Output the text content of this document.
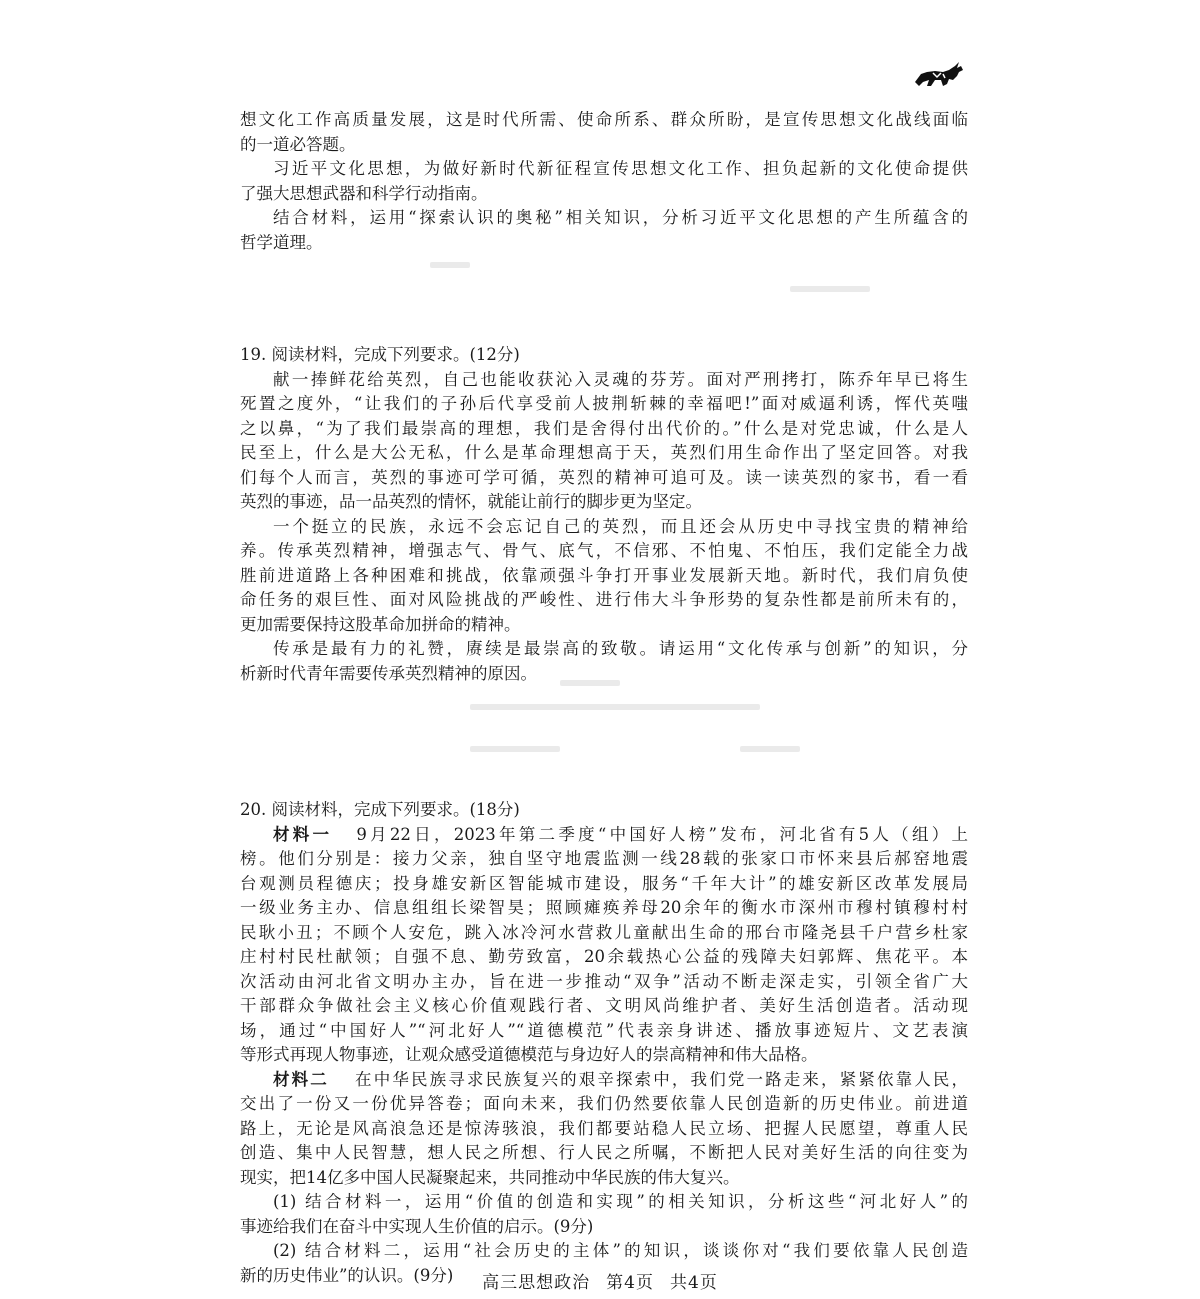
想文化工作高质量发展，这是时代所需、使命所系、群众所盼，是宣传思想文化战线面临
的一道必答题。
习近平文化思想，为做好新时代新征程宣传思想文化工作、担负起新的文化使命提供
了强大思想武器和科学行动指南。
结合材料，运用“探索认识的奥秘”相关知识，分析习近平文化思想的产生所蕴含的
哲学道理。
19. 阅读材料，完成下列要求。(12分)
献一捧鲜花给英烈，自己也能收获沁入灵魂的芬芳。面对严刑拷打，陈乔年早已将生
死置之度外，“让我们的子孙后代享受前人披荆斩棘的幸福吧!”面对威逼利诱，恽代英嗤
之以鼻，“为了我们最崇高的理想，我们是舍得付出代价的。”什么是对党忠诚，什么是人
民至上，什么是大公无私，什么是革命理想高于天，英烈们用生命作出了坚定回答。对我
们每个人而言，英烈的事迹可学可循，英烈的精神可追可及。读一读英烈的家书，看一看
英烈的事迹，品一品英烈的情怀，就能让前行的脚步更为坚定。
一个挺立的民族，永远不会忘记自己的英烈，而且还会从历史中寻找宝贵的精神给
养。传承英烈精神，增强志气、骨气、底气，不信邪、不怕鬼、不怕压，我们定能全力战
胜前进道路上各种困难和挑战，依靠顽强斗争打开事业发展新天地。新时代，我们肩负使
命任务的艰巨性、面对风险挑战的严峻性、进行伟大斗争形势的复杂性都是前所未有的，
更加需要保持这股革命加拼命的精神。
传承是最有力的礼赞，赓续是最崇高的致敬。请运用“文化传承与创新”的知识，分
析新时代青年需要传承英烈精神的原因。
20. 阅读材料，完成下列要求。(18分)
材料一 9月22日，2023年第二季度“中国好人榜”发布，河北省有5人（组）上
榜。他们分别是：接力父亲，独自坚守地震监测一线28载的张家口市怀来县后郝窑地震
台观测员程德庆；投身雄安新区智能城市建设，服务“千年大计”的雄安新区改革发展局
一级业务主办、信息组组长梁智昊；照顾瘫痪养母20余年的衡水市深州市穆村镇穆村村
民耿小丑；不顾个人安危，跳入冰冷河水营救儿童献出生命的邢台市隆尧县千户营乡杜家
庄村村民杜献领；自强不息、勤劳致富，20余载热心公益的残障夫妇郭辉、焦花平。本
次活动由河北省文明办主办，旨在进一步推动“双争”活动不断走深走实，引领全省广大
干部群众争做社会主义核心价值观践行者、文明风尚维护者、美好生活创造者。活动现
场，通过“中国好人”“河北好人”“道德模范”代表亲身讲述、播放事迹短片、文艺表演
等形式再现人物事迹，让观众感受道德模范与身边好人的崇高精神和伟大品格。
材料二 在中华民族寻求民族复兴的艰辛探索中，我们党一路走来，紧紧依靠人民，
交出了一份又一份优异答卷；面向未来，我们仍然要依靠人民创造新的历史伟业。前进道
路上，无论是风高浪急还是惊涛骇浪，我们都要站稳人民立场、把握人民愿望，尊重人民
创造、集中人民智慧，想人民之所想、行人民之所嘱，不断把人民对美好生活的向往变为
现实，把14亿多中国人民凝聚起来，共同推动中华民族的伟大复兴。
(1) 结合材料一，运用“价值的创造和实现”的相关知识，分析这些“河北好人”的
事迹给我们在奋斗中实现人生价值的启示。(9分)
(2) 结合材料二，运用“社会历史的主体”的知识，谈谈你对“我们要依靠人民创造
新的历史伟业”的认识。(9分)	高三思想政治 第4页 共4页
